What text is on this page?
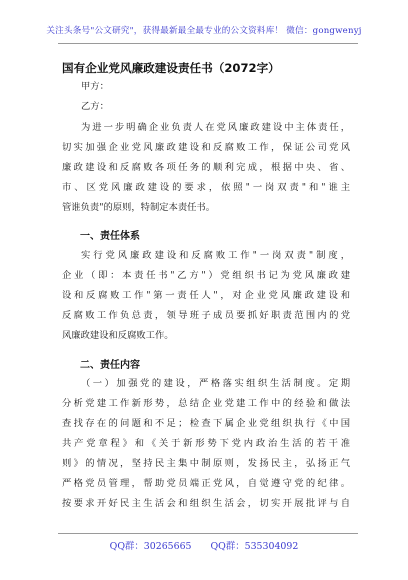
关注头条号"公文研究"，获得最新最全最专业的公文资料库！ 微信：gongwenyj
国有企业党风廉政建设责任书（2072字）
甲方：
乙方：
为进一步明确企业负责人在党风廉政建设中主体责任，
切实加强企业党风廉政建设和反腐败工作，保证公司党风
廉政建设和反腐败各项任务的顺利完成，根据中央、省、
市、区党风廉政建设的要求，依照"一岗双责"和"谁主
管谁负责"的原则，特制定本责任书。
一、责任体系
实行党风廉政建设和反腐败工作"一岗双责"制度，
企业（即：本责任书"乙方"）党组织书记为党风廉政建
设和反腐败工作"第一责任人"，对企业党风廉政建设和
反腐败工作负总责，领导班子成员要抓好职责范围内的党
风廉政建设和反腐败工作。
二、责任内容
（一）加强党的建设，严格落实组织生活制度。定期
分析党建工作新形势，总结企业党建工作中的经验和做法
查找存在的问题和不足；检查下属企业党组织执行《中国
共产党章程》和《关于新形势下党内政治生活的若干准
则》的情况，坚持民主集中制原则，发扬民主，弘扬正气
严格党员管理，帮助党员端正党风，自觉遵守党的纪律。
按要求开好民主生活会和组织生活会，切实开展批评与自
QQ群：30265665 QQ群：535304092
